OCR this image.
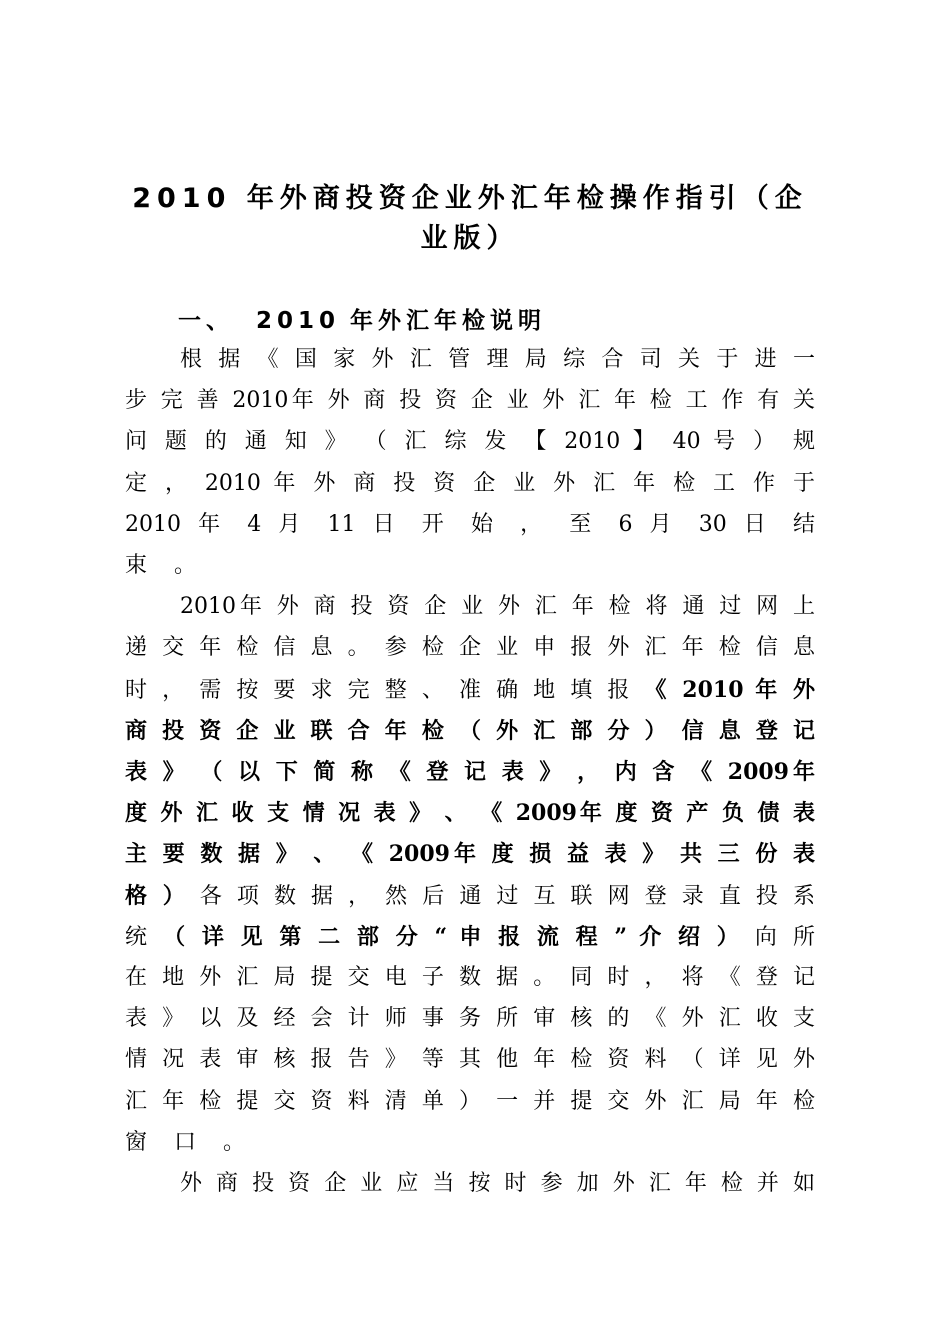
2010 年外商投资企业外汇年检操作指引（企
业版）
一、 2010 年外汇年检说明
根 据 《 国 家 外 汇 管 理 局 综 合 司 关 于 进 一
步 完 善 2010年 外 商 投 资 企 业 外 汇 年 检 工 作 有 关
问 题 的 通 知 》 （ 汇 综 发 【 2010 】 40 号 ） 规
定 ， 2010 年 外 商 投 资 企 业 外 汇 年 检 工 作 于
2010 年 4 月 11 日 开 始 ， 至 6 月 30 日 结
束 。
2010年 外 商 投 资 企 业 外 汇 年 检 将 通 过 网 上
递 交 年 检 信 息 。 参 检 企 业 申 报 外 汇 年 检 信 息
时 ， 需 按 要 求 完 整 、 准 确 地 填 报 《 2010 年 外
商 投 资 企 业 联 合 年 检 （ 外 汇 部 分 ） 信 息 登 记
表 》 （ 以 下 简 称 《 登 记 表 》 ， 内 含 《 2009年
度 外 汇 收 支 情 况 表 》 、 《 2009年 度 资 产 负 债 表
主 要 数 据 》 、 《 2009年 度 损 益 表 》 共 三 份 表
格 ） 各 项 数 据 ， 然 后 通 过 互 联 网 登 录 直 投 系
统 （ 详 见 第 二 部 分 “ 申 报 流 程 ” 介 绍 ） 向 所
在 地 外 汇 局 提 交 电 子 数 据 。 同 时 ， 将 《 登 记
表 》 以 及 经 会 计 师 事 务 所 审 核 的 《 外 汇 收 支
情 况 表 审 核 报 告 》 等 其 他 年 检 资 料 （ 详 见 外
汇 年 检 提 交 资 料 清 单 ） 一 并 提 交 外 汇 局 年 检
窗 口 。
外 商 投 资 企 业 应 当 按 时 参 加 外 汇 年 检 并 如
